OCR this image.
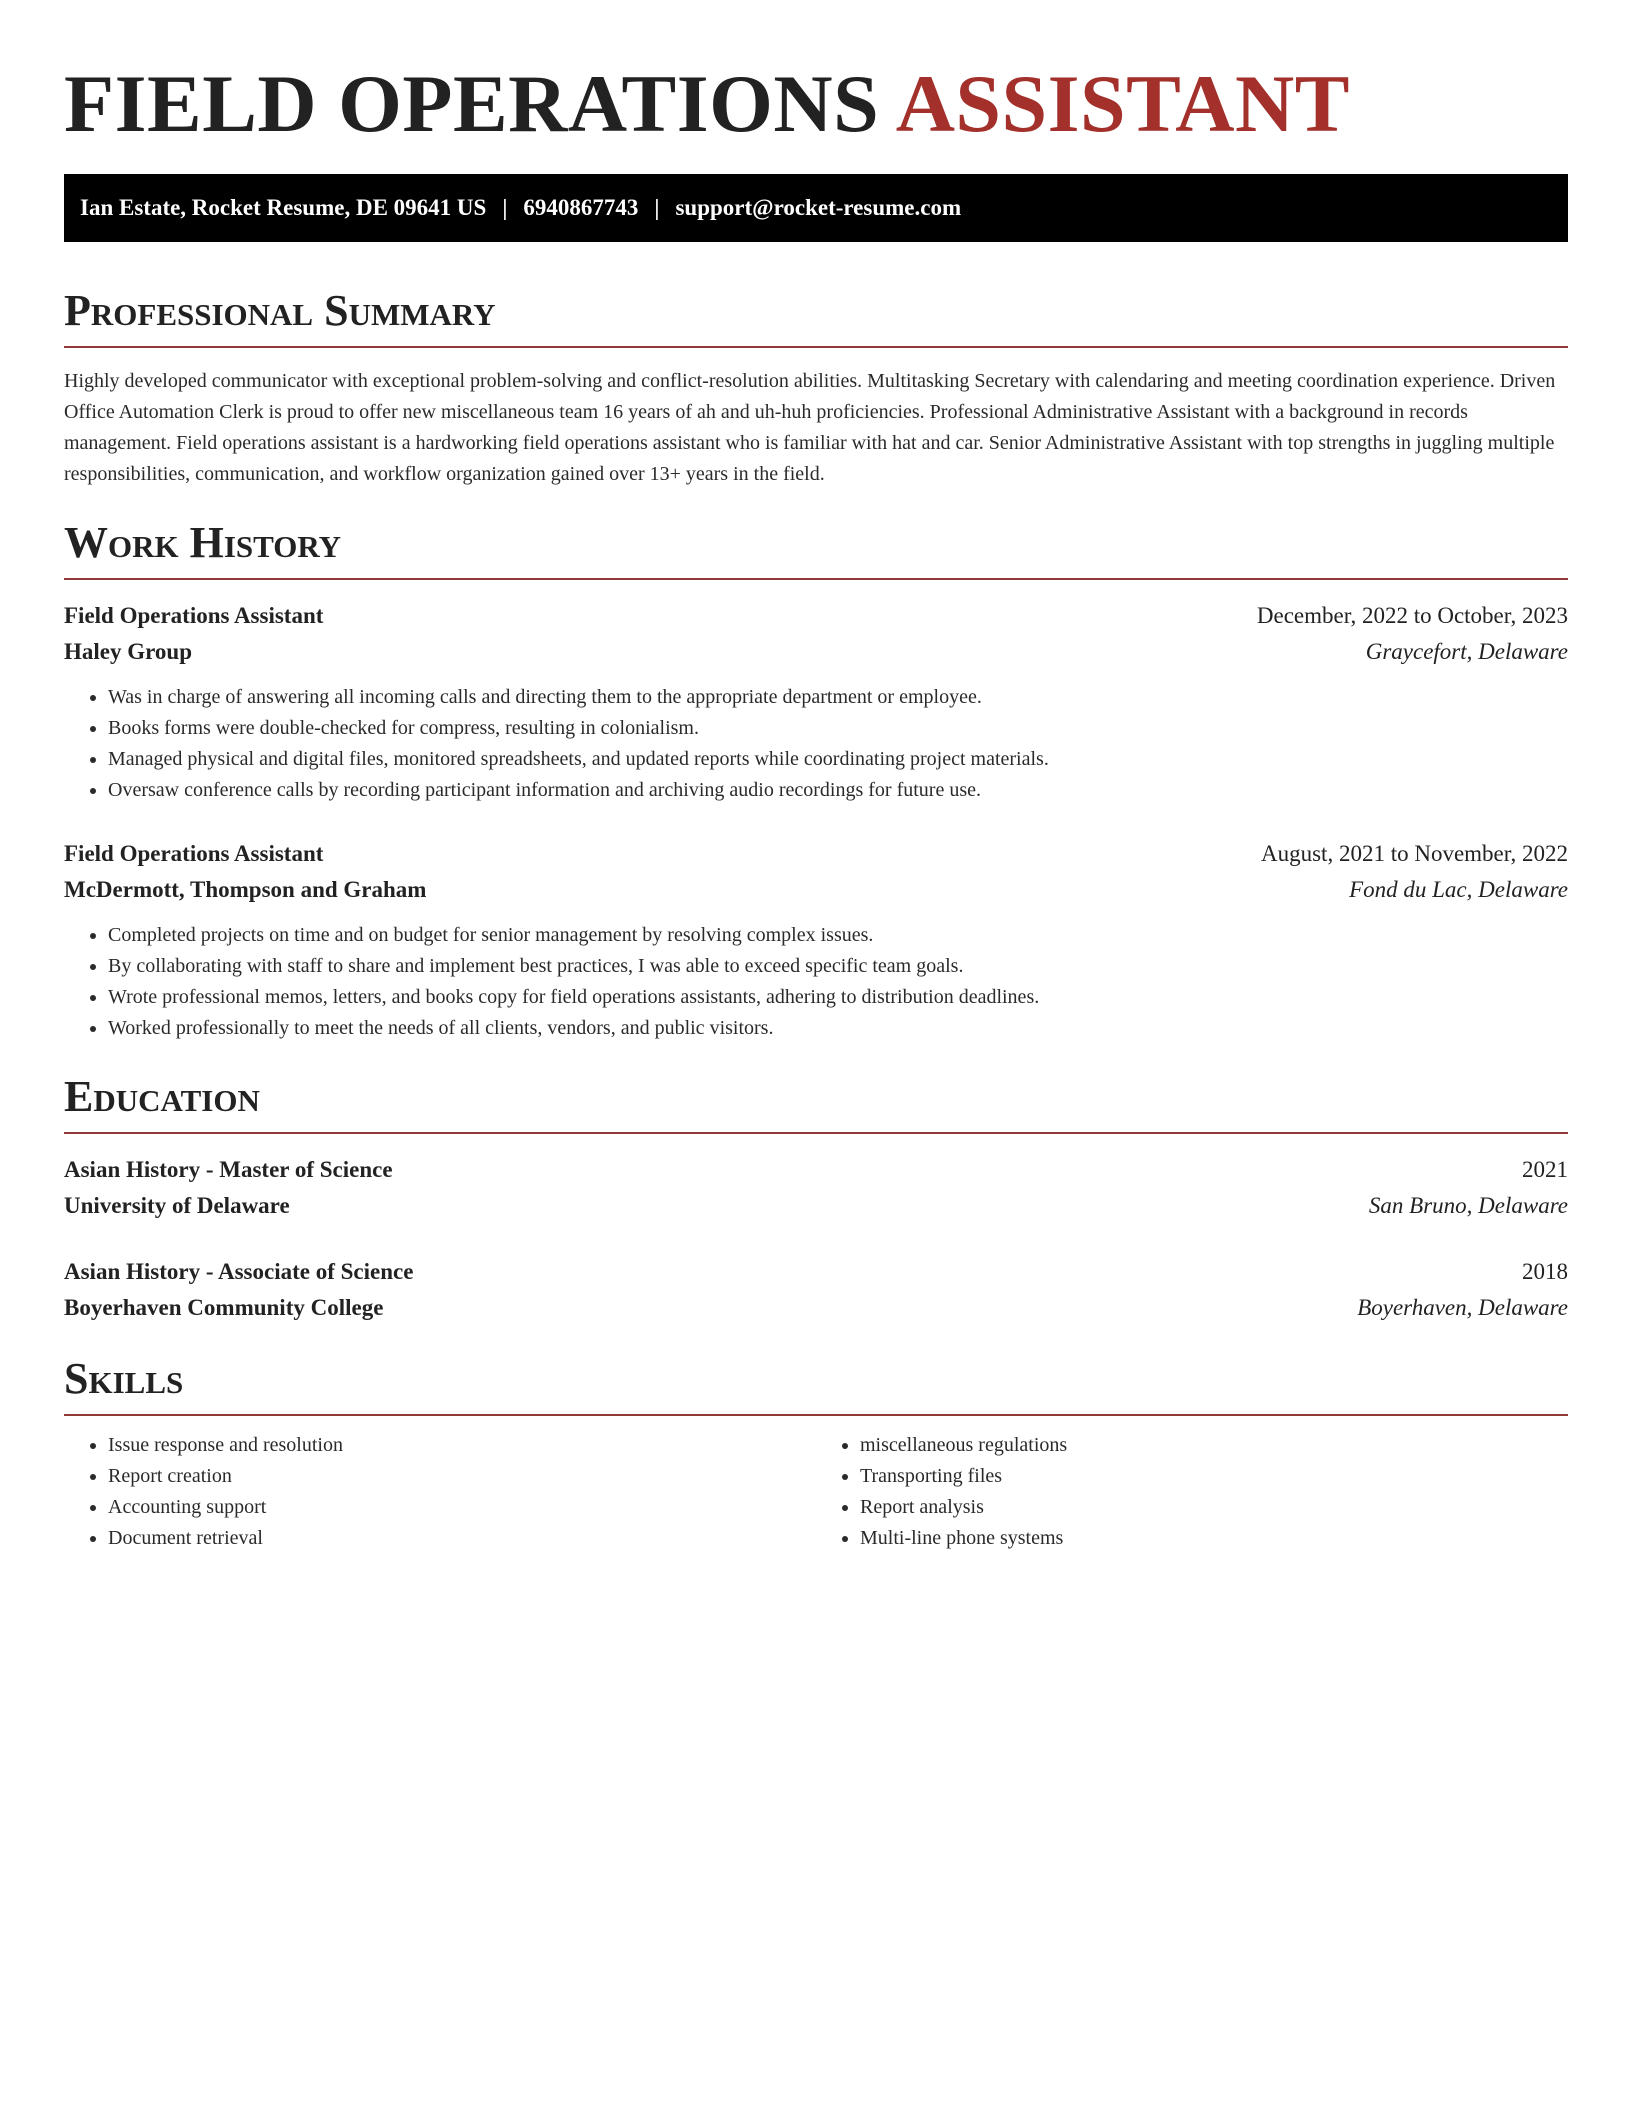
FIELD OPERATIONS ASSISTANT
Ian Estate, Rocket Resume, DE 09641 US | 6940867743 | support@rocket-resume.com
Professional Summary

Highly developed communicator with exceptional problem-solving and conflict-resolution abilities. Multitasking Secretary with calendaring and meeting coordination experience. Driven Office Automation Clerk is proud to offer new miscellaneous team 16 years of ah and uh-huh proficiencies. Professional Administrative Assistant with a background in records management. Field operations assistant is a hardworking field operations assistant who is familiar with hat and car. Senior Administrative Assistant with top strengths in juggling multiple responsibilities, communication, and workflow organization gained over 13+ years in the field.

Work History
Field Operations Assistant	December, 2022 to October, 2023
Haley Group	Graycefort, Delaware
• Was in charge of answering all incoming calls and directing them to the appropriate department or employee.
• Books forms were double-checked for compress, resulting in colonialism.
• Managed physical and digital files, monitored spreadsheets, and updated reports while coordinating project materials.
• Oversaw conference calls by recording participant information and archiving audio recordings for future use.
Field Operations Assistant	August, 2021 to November, 2022
McDermott, Thompson and Graham	Fond du Lac, Delaware
• Completed projects on time and on budget for senior management by resolving complex issues.
• By collaborating with staff to share and implement best practices, I was able to exceed specific team goals.
• Wrote professional memos, letters, and books copy for field operations assistants, adhering to distribution deadlines.
• Worked professionally to meet the needs of all clients, vendors, and public visitors.
Education
Asian History - Master of Science	2021
University of Delaware	San Bruno, Delaware
Asian History - Associate of Science	2018
Boyerhaven Community College	Boyerhaven, Delaware
Skills
• Issue response and resolution
• Report creation
• Accounting support
• Document retrieval
• miscellaneous regulations
• Transporting files
• Report analysis
• Multi-line phone systems
